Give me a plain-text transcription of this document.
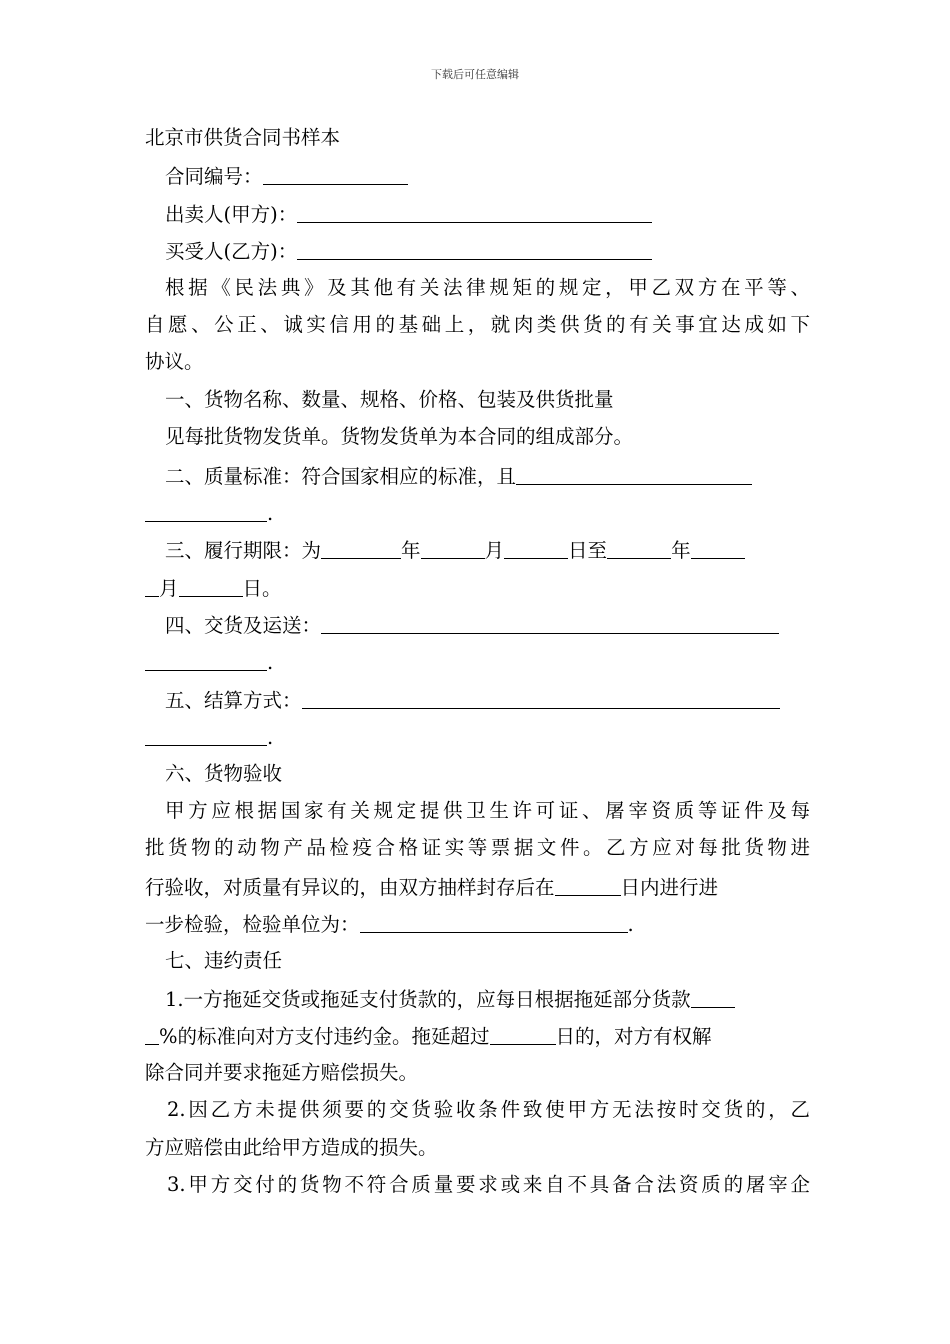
下载后可任意编辑
北京市供货合同书样本
合同编号：
出卖人(甲方)：
买受人(乙方)：
根据《民法典》及其他有关法律规矩的规定，甲乙双方在平等、
自愿、公正、诚实信用的基础上，就肉类供货的有关事宜达成如下
协议。
一、货物名称、数量、规格、价格、包装及供货批量
见每批货物发货单。货物发货单为本合同的组成部分。
二、质量标准：符合国家相应的标准，且
.
三、履行期限：为	年	月	日至	年
月	日。
四、交货及运送：
.
五、结算方式：
.
六、货物验收
甲方应根据国家有关规定提供卫生许可证、屠宰资质等证件及每
批货物的动物产品检疫合格证实等票据文件。乙方应对每批货物进
行验收，对质量有异议的，由双方抽样封存后在	日内进行进
一步检验，检验单位为：	.
七、违约责任
1.一方拖延交货或拖延支付货款的，应每日根据拖延部分货款
%的标准向对方支付违约金。拖延超过	日的，对方有权解
除合同并要求拖延方赔偿损失。
2.因乙方未提供须要的交货验收条件致使甲方无法按时交货的，乙
方应赔偿由此给甲方造成的损失。
3.甲方交付的货物不符合质量要求或来自不具备合法资质的屠宰企
